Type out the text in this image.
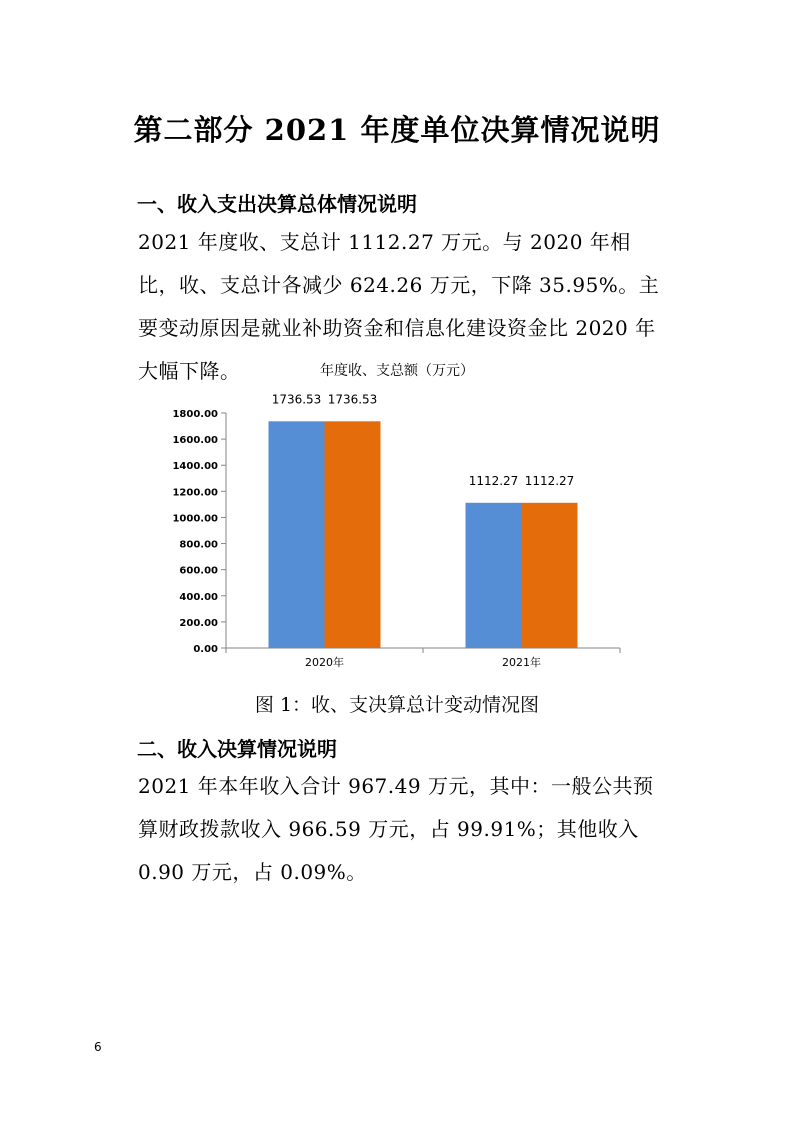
第二部分 2021 年度单位决算情况说明
一、收入支出决算总体情况说明
2021 年度收、支总计 1112.27 万元。与 2020 年相比，收、支总计各减少 624.26 万元，下降 35.95%。主要变动原因是就业补助资金和信息化建设资金比 2020 年大幅下降。	年度收、支总额（万元）
0.00
200.00
400.00
600.00
800.00
1000.00
1200.00
1400.00
1600.00
1800.00
1736.53 1736.53
2020年
1112.27 1112.27
2021年
图 1：收、支决算总计变动情况图
二、收入决算情况说明
2021 年本年收入合计 967.49 万元，其中：一般公共预算财政拨款收入 966.59 万元，占 99.91%；其他收入 0.90 万元，占 0.09%。
6
